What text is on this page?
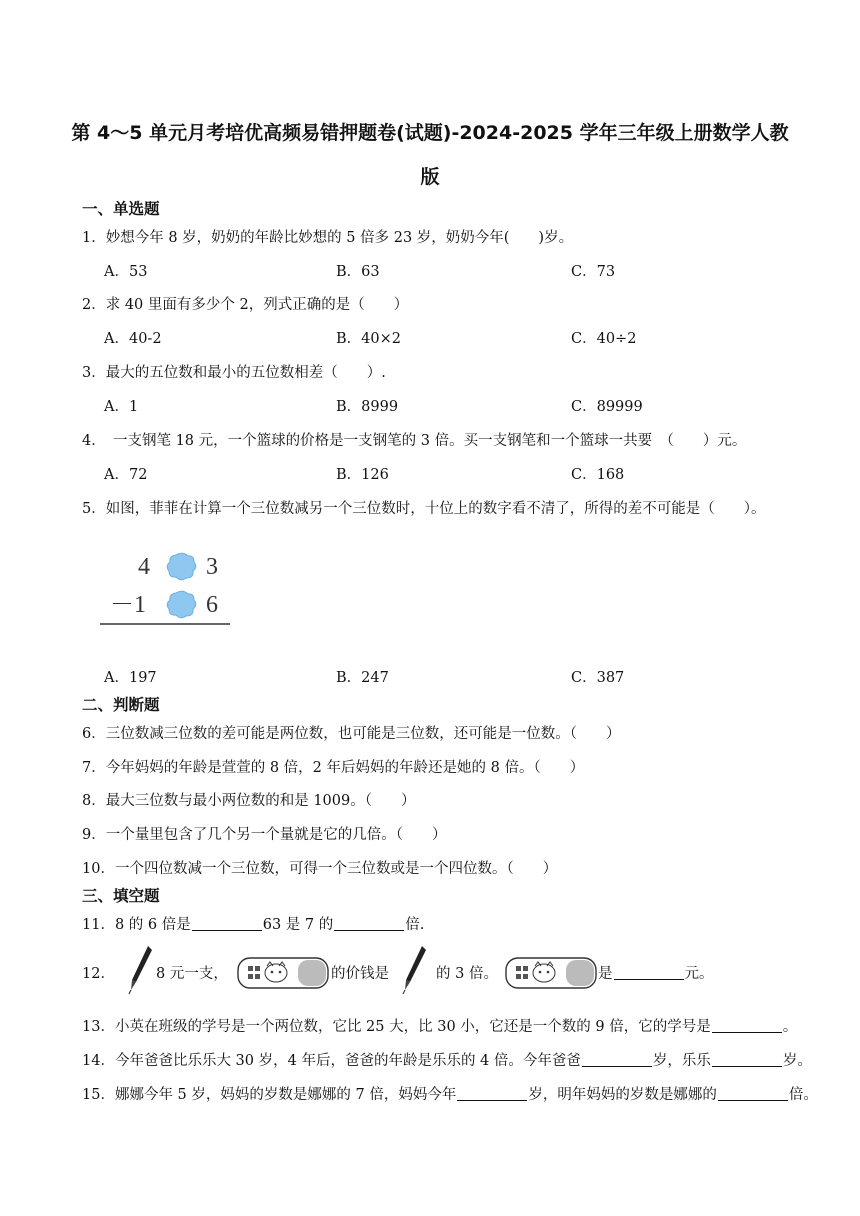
第 4～5 单元月考培优高频易错押题卷(试题)-2024-2025 学年三年级上册数学人教
版
一、单选题
1．妙想今年 8 岁，奶奶的年龄比妙想的 5 倍多 23 岁，奶奶今年(　　)岁。
A．53	B．63	C．73
2．求 40 里面有多少个 2，列式正确的是（　　）
A．40-2	B．40×2	C．40÷2
3．最大的五位数和最小的五位数相差（　　）.
A．1	B．8999	C．89999
4．　一支钢笔 18 元，一个篮球的价格是一支钢笔的 3 倍。买一支钢笔和一个篮球一共要　（　　）元。
A．72	B．126	C．168
5．如图，菲菲在计算一个三位数减另一个三位数时，十位上的数字看不清了，所得的差不可能是（　　）。
4 3
－1	6
A．197	B．247	C．387
二、判断题
6．三位数减三位数的差可能是两位数，也可能是三位数，还可能是一位数。（　　）
7．今年妈妈的年龄是萱萱的 8 倍，2 年后妈妈的年龄还是她的 8 倍。（　　）
8．最大三位数与最小两位数的和是 1009。（　　）
9．一个量里包含了几个另一个量就是它的几倍。（　　）
10．一个四位数减一个三位数，可得一个三位数或是一个四位数。（　　）
三、填空题
11．8 的 6 倍是	63 是 7 的	倍.
12．	8 元一支，	的价钱是	的 3 倍。	是	元。
13．小英在班级的学号是一个两位数，它比 25 大，比 30 小，它还是一个数的 9 倍，它的学号是	。
14．今年爸爸比乐乐大 30 岁，4 年后，爸爸的年龄是乐乐的 4 倍。今年爸爸	岁，乐乐	岁。
15．娜娜今年 5 岁，妈妈的岁数是娜娜的 7 倍，妈妈今年	岁，明年妈妈的岁数是娜娜的	倍。
